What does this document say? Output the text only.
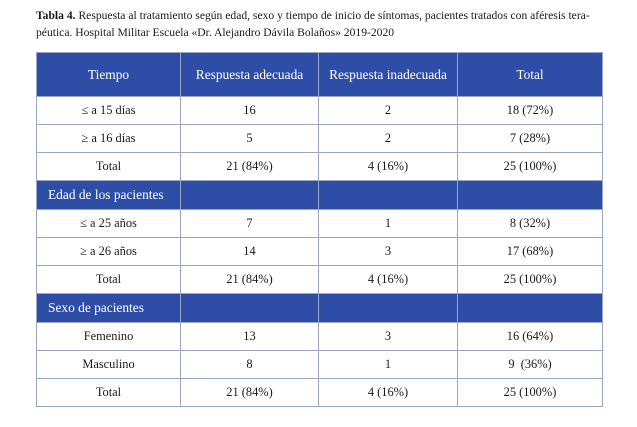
Tabla 4. Respuesta al tratamiento según edad, sexo y tiempo de inicio de síntomas, pacientes tratados con aféresis tera-
péutica. Hospital Militar Escuela «Dr. Alejandro Dávila Bolaños» 2019-2020
Tiempo	Respuesta adecuada	Respuesta inadecuada	Total
≤ a 15 días	16	2	18 (72%)
≥ a 16 días	5	2	7 (28%)
Total	21 (84%)	4 (16%)	25 (100%)
Edad de los pacientes			
≤ a 25 años	7	1	8 (32%)
≥ a 26 años	14	3	17 (68%)
Total	21 (84%)	4 (16%)	25 (100%)
Sexo de pacientes			
Femenino	13	3	16 (64%)
Masculino	8	1	9  (36%)
Total	21 (84%)	4 (16%)	25 (100%)
